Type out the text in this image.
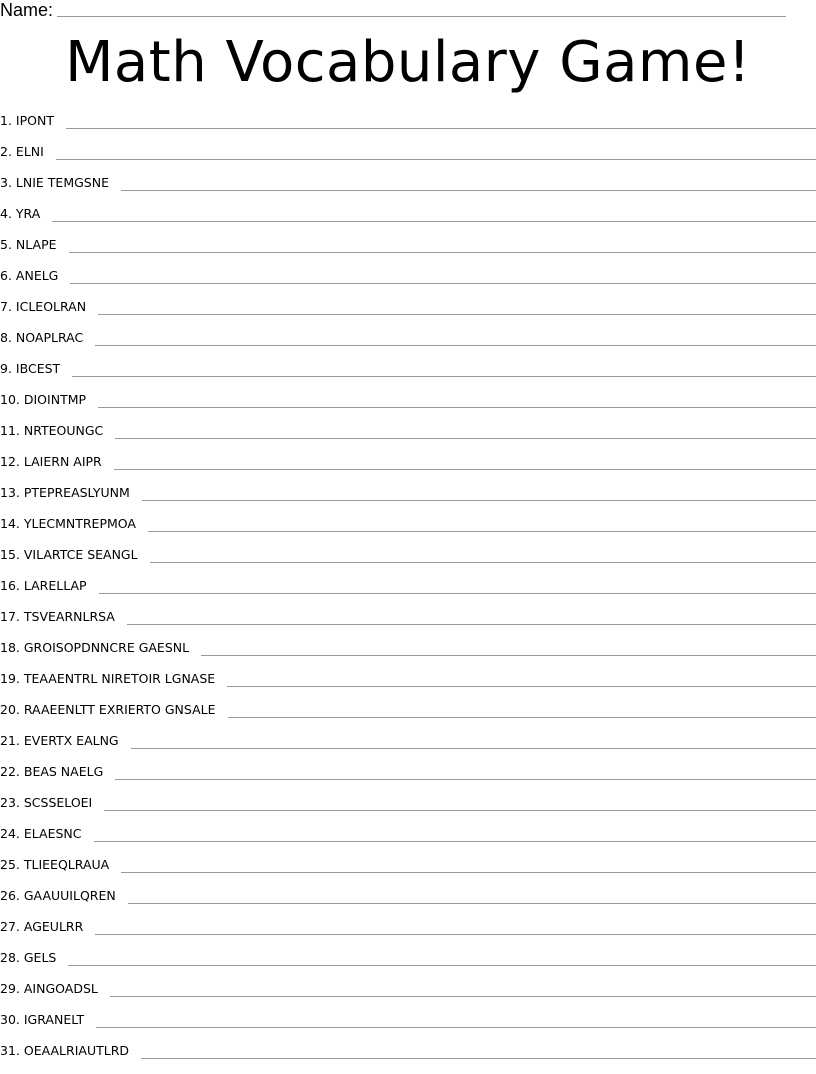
Name:
Math Vocabulary Game!
1. IPONT
2. ELNI
3. LNIE TEMGSNE
4. YRA
5. NLAPE
6. ANELG
7. ICLEOLRAN
8. NOAPLRAC
9. IBCEST
10. DIOINTMP
11. NRTEOUNGC
12. LAIERN AIPR
13. PTEPREASLYUNM
14. YLECMNTREPMOA
15. VILARTCE SEANGL
16. LARELLAP
17. TSVEARNLRSA
18. GROISOPDNNCRE GAESNL
19. TEAAENTRL NIRETOIR LGNASE
20. RAAEENLTT EXRIERTO GNSALE
21. EVERTX EALNG
22. BEAS NAELG
23. SCSSELOEI
24. ELAESNC
25. TLIEEQLRAUA
26. GAAUUILQREN
27. AGEULRR
28. GELS
29. AINGOADSL
30. IGRANELT
31. OEAALRIAUTLRD
